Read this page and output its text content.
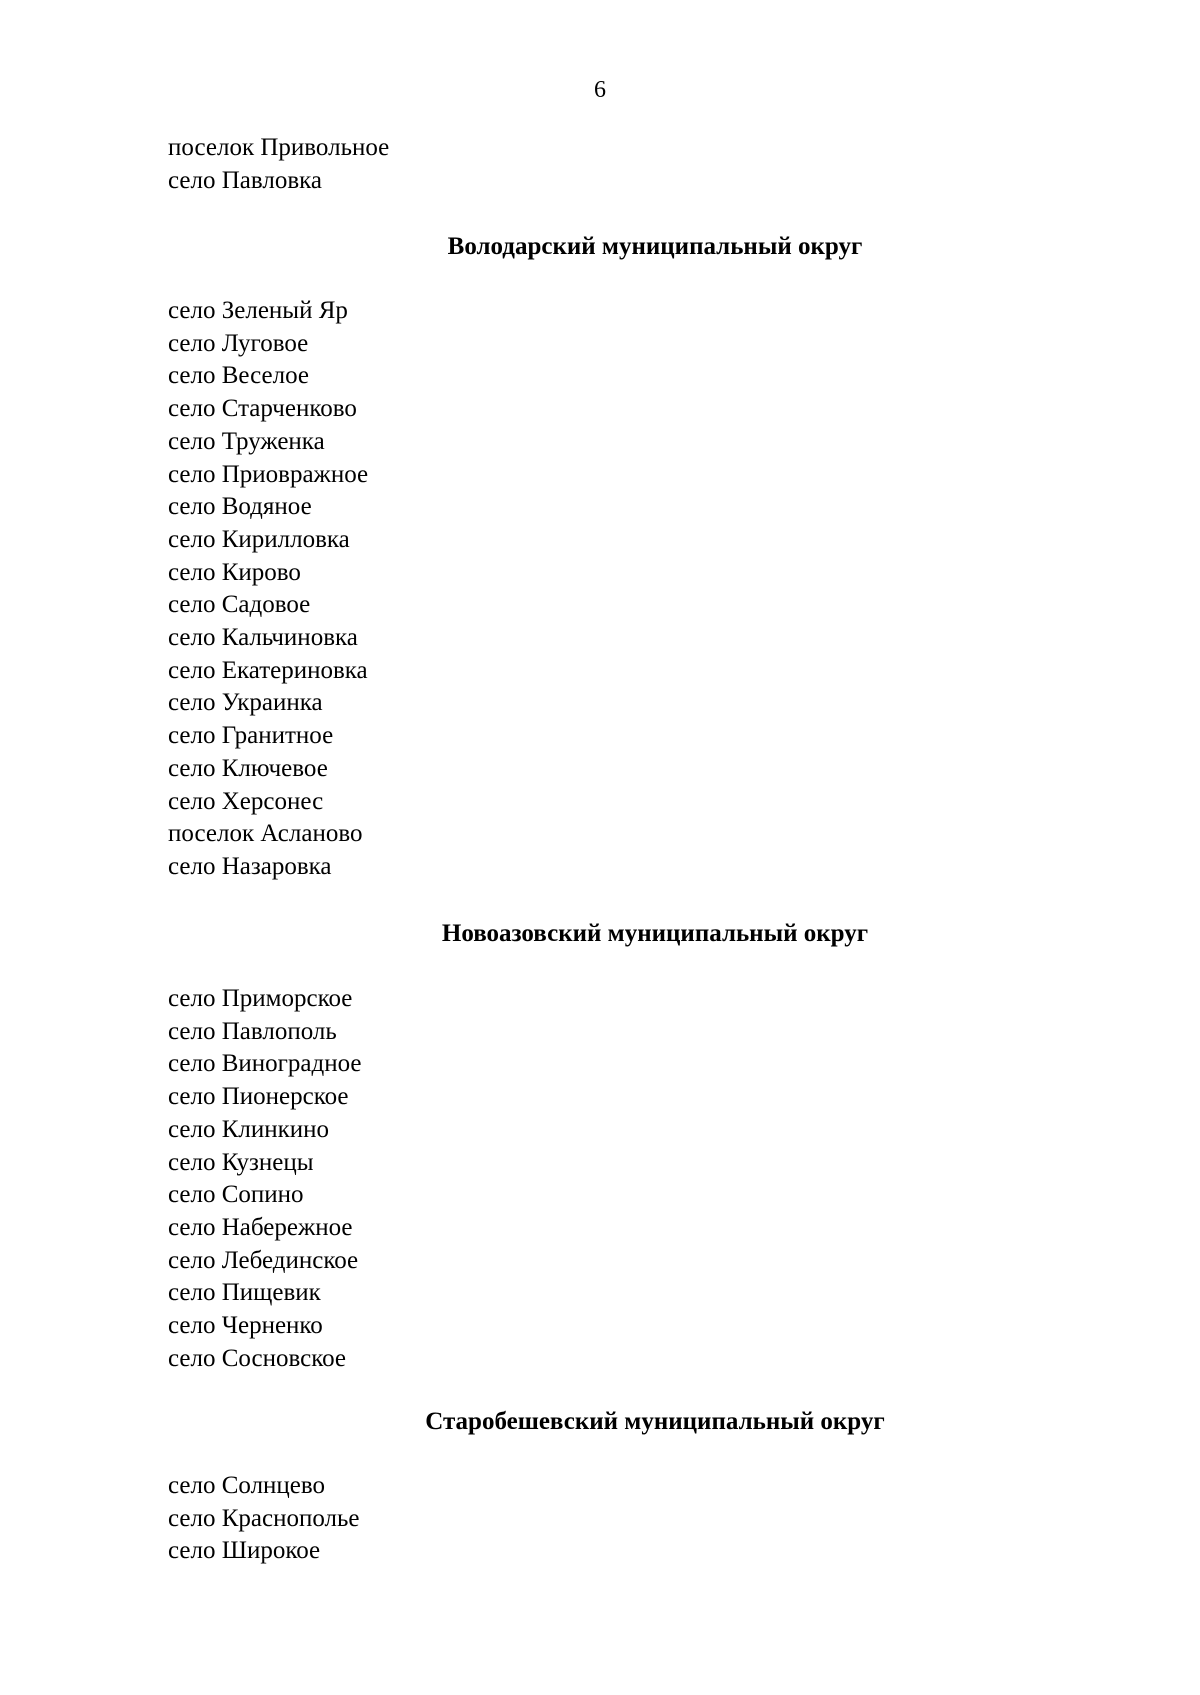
6
поселок Привольное
село Павловка
Володарский муниципальный округ
село Зеленый Яр
село Луговое
село Веселое
село Старченково
село Труженка
село Приовражное
село Водяное
село Кирилловка
село Кирово
село Садовое
село Кальчиновка
село Екатериновка
село Украинка
село Гранитное
село Ключевое
село Херсонес
поселок Асланово
село Назаровка
Новоазовский муниципальный округ
село Приморское
село Павлополь
село Виноградное
село Пионерское
село Клинкино
село Кузнецы
село Сопино
село Набережное
село Лебединское
село Пищевик
село Черненко
село Сосновское
Старобешевский муниципальный округ
село Солнцево
село Краснополье
село Широкое
